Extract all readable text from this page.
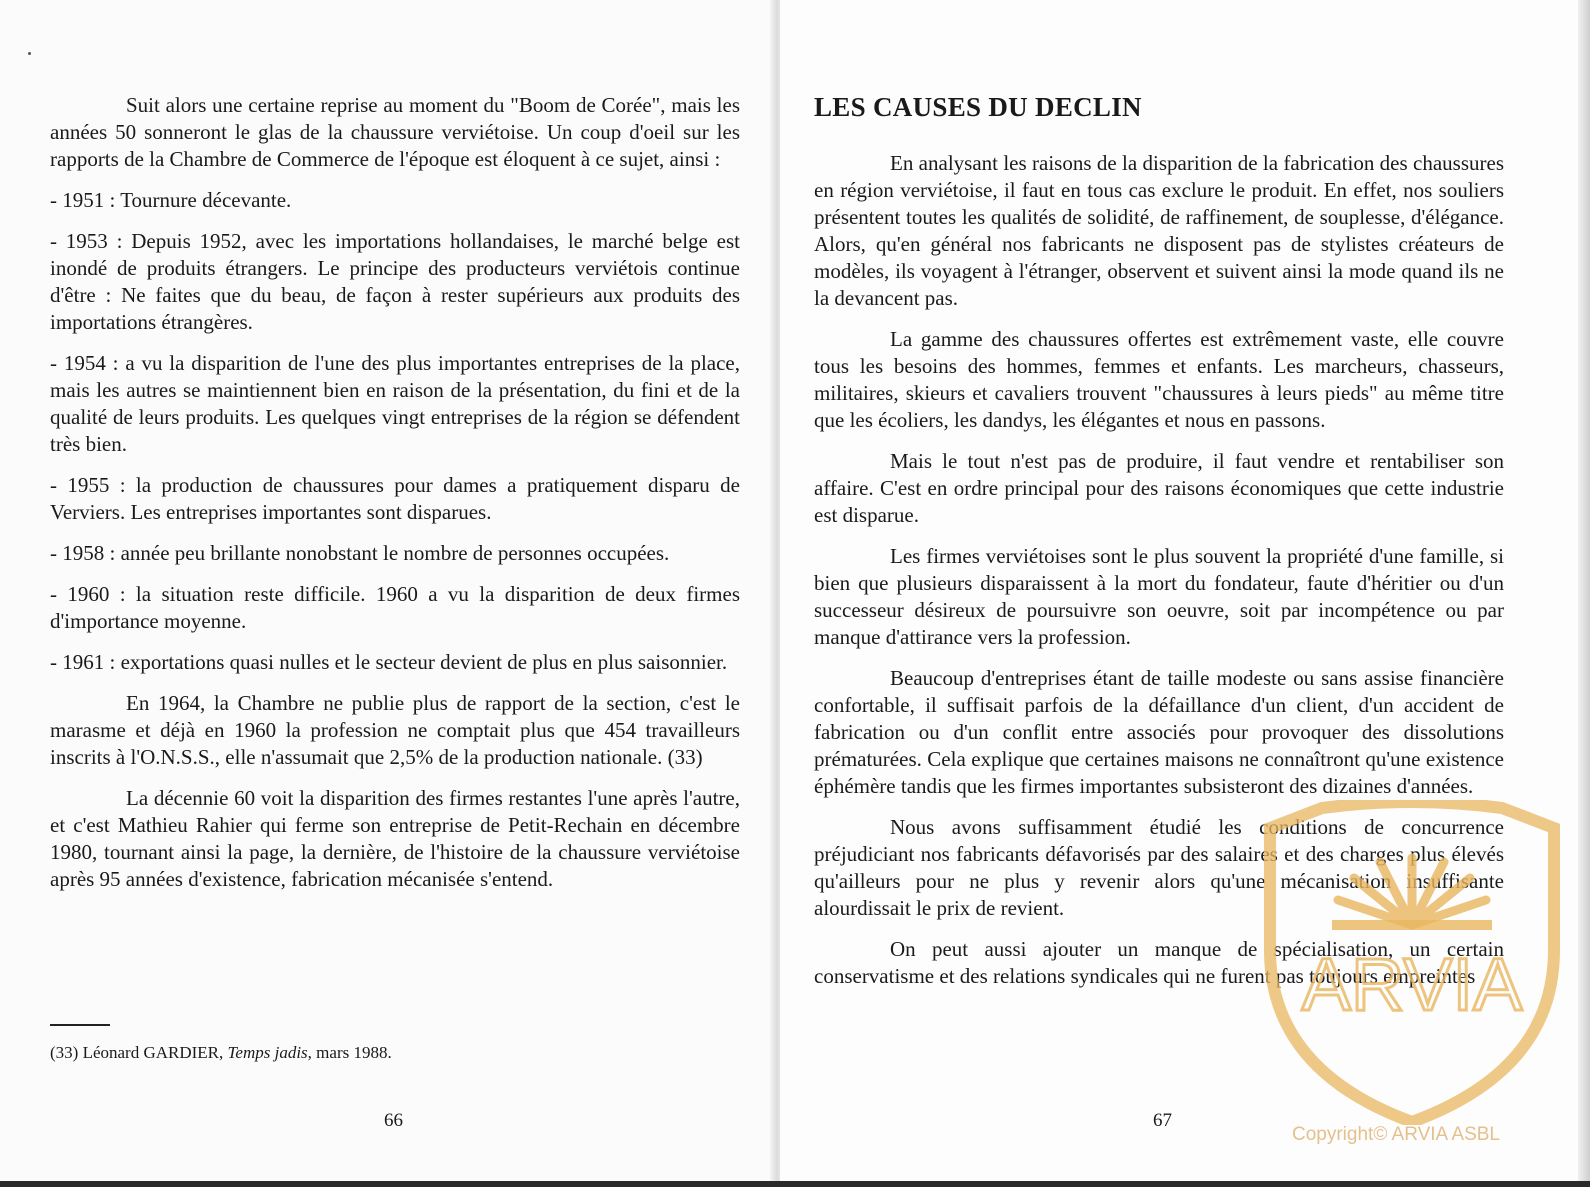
Suit alors une certaine reprise au moment du "Boom de Corée", mais les années 50 sonneront le glas de la chaussure verviétoise. Un coup d'oeil sur les rapports de la Chambre de Commerce de l'époque est éloquent à ce sujet, ainsi :

- 1951 : Tournure décevante.

- 1953 : Depuis 1952, avec les importations hollandaises, le marché belge est inondé de produits étrangers. Le principe des producteurs verviétois continue d'être : Ne faites que du beau, de façon à rester supérieurs aux produits des importations étrangères.

- 1954 : a vu la disparition de l'une des plus importantes entreprises de la place, mais les autres se maintiennent bien en raison de la présentation, du fini et de la qualité de leurs produits. Les quelques vingt entreprises de la région se défendent très bien.

- 1955 : la production de chaussures pour dames a pratiquement disparu de Verviers. Les entreprises importantes sont disparues.

- 1958 : année peu brillante nonobstant le nombre de personnes occupées.

- 1960 : la situation reste difficile. 1960 a vu la disparition de deux firmes d'importance moyenne.

- 1961 : exportations quasi nulles et le secteur devient de plus en plus saisonnier.

En 1964, la Chambre ne publie plus de rapport de la section, c'est le marasme et déjà en 1960 la profession ne comptait plus que 454 travailleurs inscrits à l'O.N.S.S., elle n'assumait que 2,5% de la production nationale. (33)

La décennie 60 voit la disparition des firmes restantes l'une après l'autre, et c'est Mathieu Rahier qui ferme son entreprise de Petit-Rechain en décembre 1980, tournant ainsi la page, la dernière, de l'histoire de la chaussure verviétoise après 95 années d'existence, fabrication mécanisée s'entend.

(33) Léonard GARDIER, Temps jadis, mars 1988.
66
LES CAUSES DU DECLIN

En analysant les raisons de la disparition de la fabrication des chaussures en région verviétoise, il faut en tous cas exclure le produit. En effet, nos souliers présentent toutes les qualités de solidité, de raffinement, de souplesse, d'élégance. Alors, qu'en général nos fabricants ne disposent pas de stylistes créateurs de modèles, ils voyagent à l'étranger, observent et suivent ainsi la mode quand ils ne la devancent pas.

La gamme des chaussures offertes est extrêmement vaste, elle couvre tous les besoins des hommes, femmes et enfants. Les marcheurs, chasseurs, militaires, skieurs et cavaliers trouvent "chaussures à leurs pieds" au même titre que les écoliers, les dandys, les élégantes et nous en passons.

Mais le tout n'est pas de produire, il faut vendre et rentabiliser son affaire. C'est en ordre principal pour des raisons économiques que cette industrie est disparue.

Les firmes verviétoises sont le plus souvent la propriété d'une famille, si bien que plusieurs disparaissent à la mort du fondateur, faute d'héritier ou d'un successeur désireux de poursuivre son oeuvre, soit par incompétence ou par manque d'attirance vers la profession.

Beaucoup d'entreprises étant de taille modeste ou sans assise financière confortable, il suffisait parfois de la défaillance d'un client, d'un accident de fabrication ou d'un conflit entre associés pour provoquer des dissolutions prématurées. Cela explique que certaines maisons ne connaîtront qu'une existence éphémère tandis que les firmes importantes subsisteront des dizaines d'années.

Nous avons suffisamment étudié les conditions de concurrence préjudiciant nos fabricants défavorisés par des salaires et des charges plus élevés qu'ailleurs pour ne plus y revenir alors qu'une mécanisation insuffisante alourdissait le prix de revient.

On peut aussi ajouter un manque de spécialisation, un certain conservatisme et des relations syndicales qui ne furent pas toujours empreintes

67
ARVIA
Copyright© ARVIA ASBL
